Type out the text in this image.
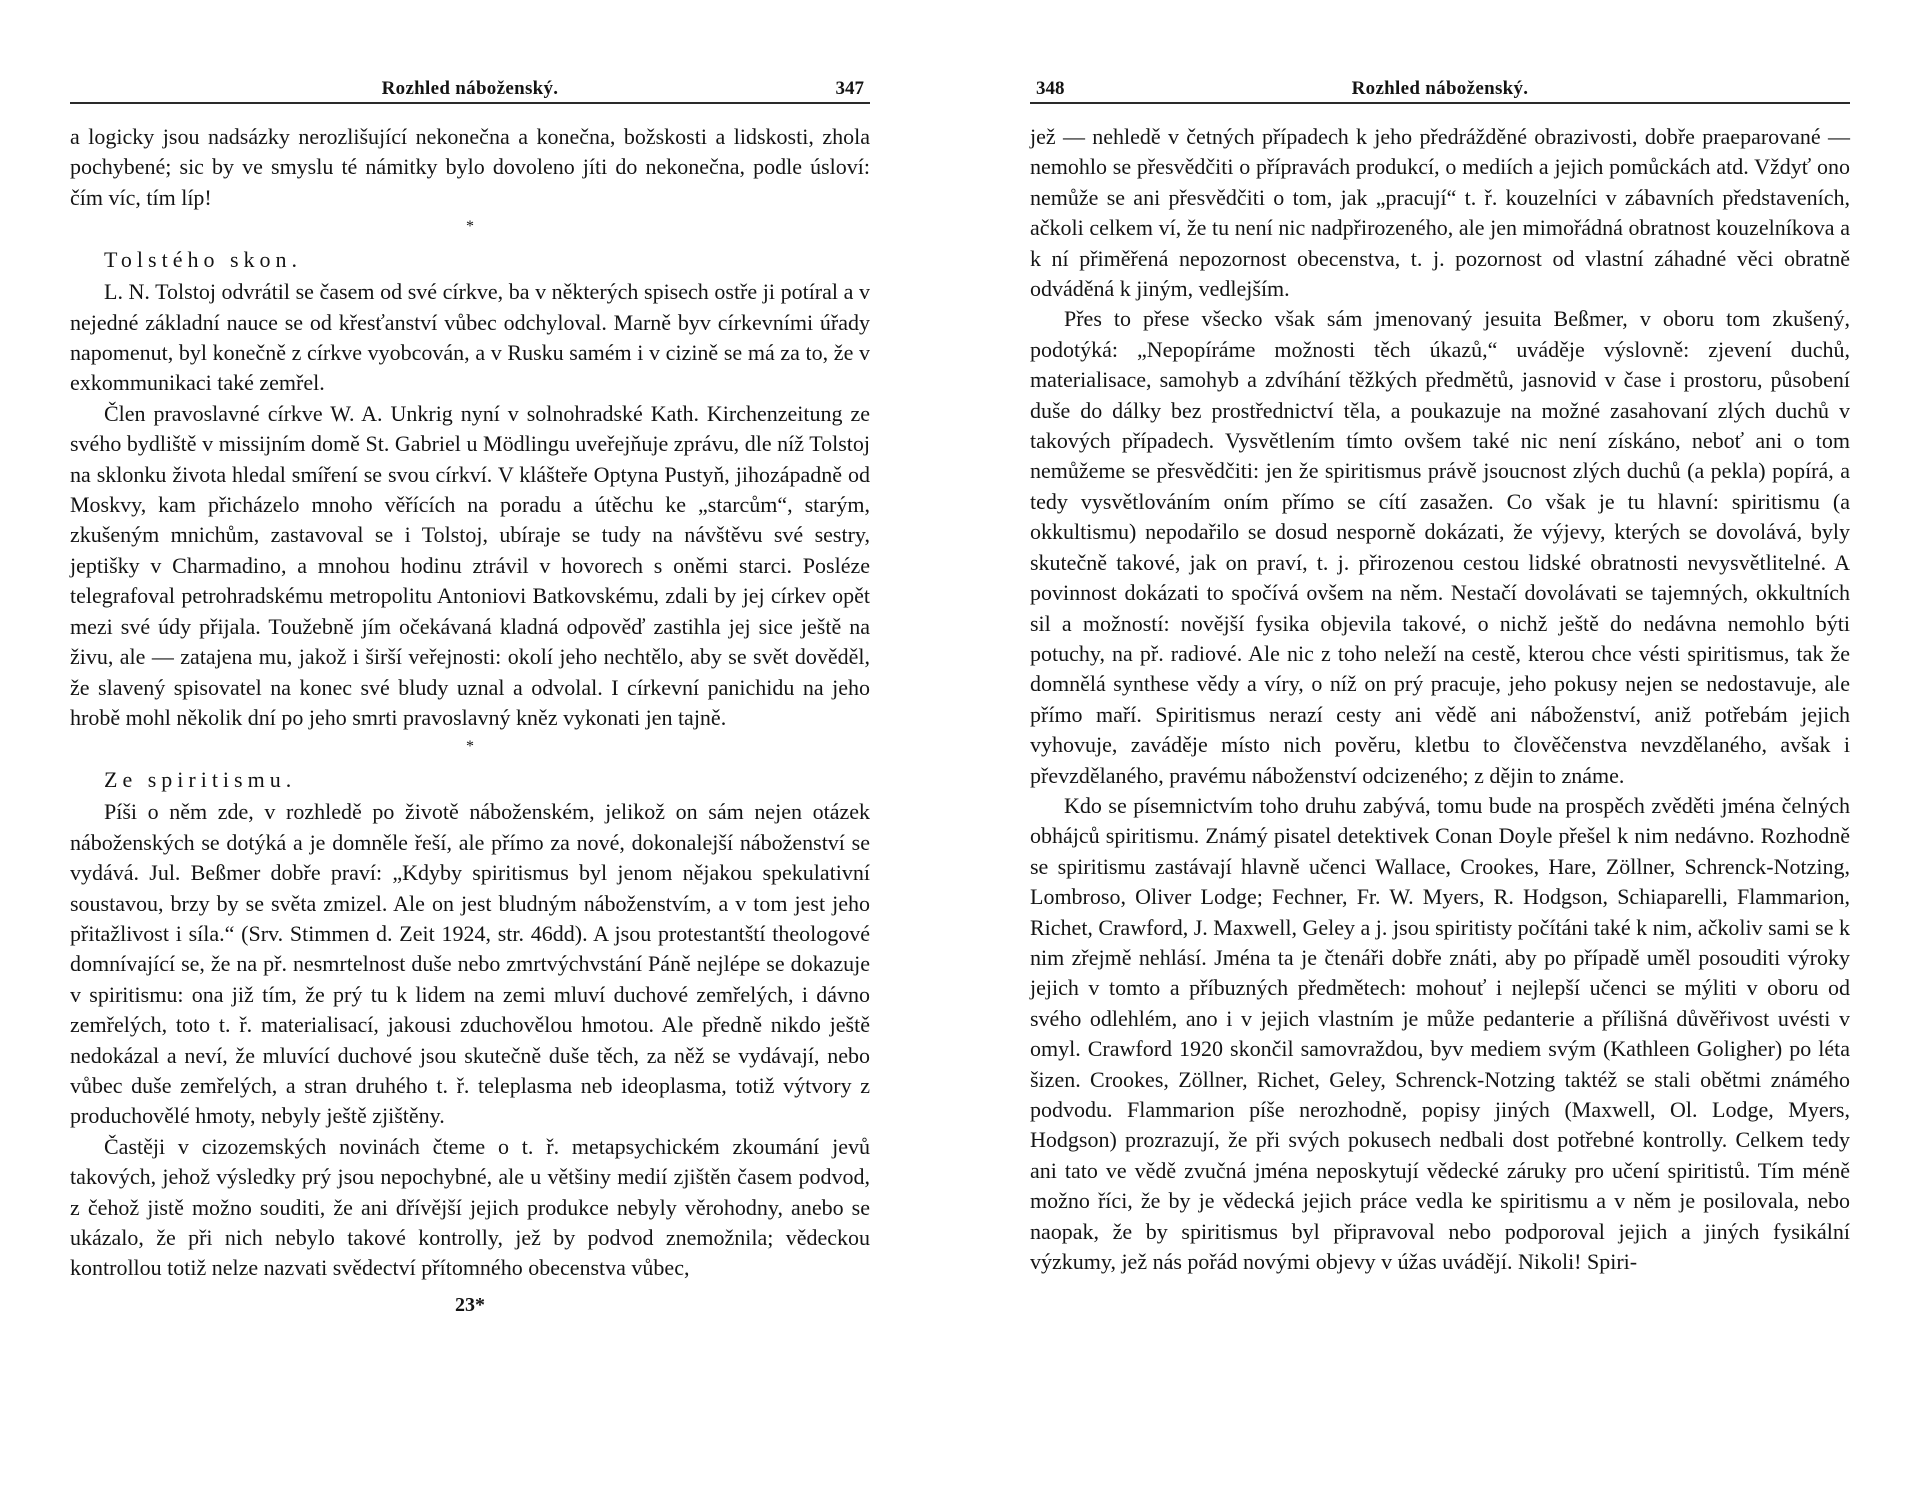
Rozhled náboženský.	347

a logicky jsou nadsázky nerozlišující nekonečna a konečna, božskosti a lidskosti, zhola pochybené; sic by ve smyslu té námitky bylo dovoleno jíti do nekonečna, podle úsloví: čím víc, tím líp!

*
Tolstého skon.

L. N. Tolstoj odvrátil se časem od své církve, ba v některých spisech ostře ji potíral a v nejedné základní nauce se od křesťanství vůbec odchyloval. Marně byv církevními úřady napomenut, byl konečně z církve vyobcován, a v Rusku samém i v cizině se má za to, že v exkommunikaci také zemřel.

Člen pravoslavné církve W. A. Unkrig nyní v solnohradské Kath. Kirchenzeitung ze svého bydliště v missijním domě St. Gabriel u Mödlingu uveřejňuje zprávu, dle níž Tolstoj na sklonku života hledal smíření se svou církví. V klášteře Optyna Pustyň, jihozápadně od Moskvy, kam přicházelo mnoho věřících na poradu a útěchu ke „starcům“, starým, zkušeným mnichům, zastavoval se i Tolstoj, ubíraje se tudy na návštěvu své sestry, jeptišky v Charmadino, a mnohou hodinu ztrávil v hovorech s oněmi starci. Posléze telegrafoval petrohradskému metropolitu Antoniovi Batkovskému, zdali by jej církev opět mezi své údy přijala. Toužebně jím očekávaná kladná odpověď zastihla jej sice ještě na živu, ale — zatajena mu, jakož i širší veřejnosti: okolí jeho nechtělo, aby se svět dověděl, že slavený spisovatel na konec své bludy uznal a odvolal. I církevní panichidu na jeho hrobě mohl několik dní po jeho smrti pravoslavný kněz vykonati jen tajně.

*
Ze spiritismu.

Píši o něm zde, v rozhledě po životě náboženském, jelikož on sám nejen otázek náboženských se dotýká a je domněle řeší, ale přímo za nové, dokonalejší náboženství se vydává. Jul. Beßmer dobře praví: „Kdyby spiritismus byl jenom nějakou spekulativní soustavou, brzy by se světa zmizel. Ale on jest bludným náboženstvím, a v tom jest jeho přitažlivost i síla.“ (Srv. Stimmen d. Zeit 1924, str. 46dd). A jsou protestantští theologové domnívající se, že na př. nesmrtelnost duše nebo zmrtvýchvstání Páně nejlépe se dokazuje v spiritismu: ona již tím, že prý tu k lidem na zemi mluví duchové zemřelých, i dávno zemřelých, toto t. ř. materialisací, jakousi zduchovělou hmotou. Ale předně nikdo ještě nedokázal a neví, že mluvící duchové jsou skutečně duše těch, za něž se vydávají, nebo vůbec duše zemřelých, a stran druhého t. ř. teleplasma neb ideoplasma, totiž výtvory z produchovělé hmoty, nebyly ještě zjištěny.

Častěji v cizozemských novinách čteme o t. ř. metapsychickém zkoumání jevů takových, jehož výsledky prý jsou nepochybné, ale u většiny medií zjištěn časem podvod, z čehož jistě možno souditi, že ani dřívější jejich produkce nebyly věrohodny, anebo se ukázalo, že při nich nebylo takové kontrolly, jež by podvod znemožnila; vědeckou kontrollou totiž nelze nazvati svědectví přítomného obecenstva vůbec,

23*
348	Rozhled náboženský.

jež — nehledě v četných případech k jeho předrážděné obrazivosti, dobře praeparované — nemohlo se přesvědčiti o přípravách produkcí, o mediích a jejich pomůckách atd. Vždyť ono nemůže se ani přesvědčiti o tom, jak „pracují“ t. ř. kouzelníci v zábavních představeních, ačkoli celkem ví, že tu není nic nadpřirozeného, ale jen mimořádná obratnost kouzelníkova a k ní přiměřená nepozornost obecenstva, t. j. pozornost od vlastní záhadné věci obratně odváděná k jiným, vedlejším.

Přes to přese všecko však sám jmenovaný jesuita Beßmer, v oboru tom zkušený, podotýká: „Nepopíráme možnosti těch úkazů,“ uváděje výslovně: zjevení duchů, materialisace, samohyb a zdvíhání těžkých předmětů, jasnovid v čase i prostoru, působení duše do dálky bez prostřednictví těla, a poukazuje na možné zasahovaní zlých duchů v takových případech. Vysvětlením tímto ovšem také nic není získáno, neboť ani o tom nemůžeme se přesvědčiti: jen že spiritismus právě jsoucnost zlých duchů (a pekla) popírá, a tedy vysvětlováním oním přímo se cítí zasažen. Co však je tu hlavní: spiritismu (a okkultismu) nepodařilo se dosud nesporně dokázati, že výjevy, kterých se dovolává, byly skutečně takové, jak on praví, t. j. přirozenou cestou lidské obratnosti nevysvětlitelné. A povinnost dokázati to spočívá ovšem na něm. Nestačí dovolávati se tajemných, okkultních sil a možností: novější fysika objevila takové, o nichž ještě do nedávna nemohlo býti potuchy, na př. radiové. Ale nic z toho neleží na cestě, kterou chce vésti spiritismus, tak že domnělá synthese vědy a víry, o níž on prý pracuje, jeho pokusy nejen se nedostavuje, ale přímo maří. Spiritismus nerazí cesty ani vědě ani náboženství, aniž potřebám jejich vyhovuje, zaváděje místo nich pověru, kletbu to člověčenstva nevzdělaného, avšak i převzdělaného, pravému náboženství odcizeného; z dějin to známe.

Kdo se písemnictvím toho druhu zabývá, tomu bude na prospěch zvěděti jména čelných obhájců spiritismu. Známý pisatel detektivek Conan Doyle přešel k nim nedávno. Rozhodně se spiritismu zastávají hlavně učenci Wallace, Crookes, Hare, Zöllner, Schrenck-Notzing, Lombroso, Oliver Lodge; Fechner, Fr. W. Myers, R. Hodgson, Schiaparelli, Flammarion, Richet, Crawford, J. Maxwell, Geley a j. jsou spiritisty počítáni také k nim, ačkoliv sami se k nim zřejmě nehlásí. Jména ta je čtenáři dobře znáti, aby po případě uměl posouditi výroky jejich v tomto a příbuzných předmětech: mohouť i nejlepší učenci se mýliti v oboru od svého odlehlém, ano i v jejich vlastním je může pedanterie a přílišná důvěřivost uvésti v omyl. Crawford 1920 skončil samovraždou, byv mediem svým (Kathleen Goligher) po léta šizen. Crookes, Zöllner, Richet, Geley, Schrenck-Notzing taktéž se stali obětmi známého podvodu. Flammarion píše nerozhodně, popisy jiných (Maxwell, Ol. Lodge, Myers, Hodgson) prozrazují, že při svých pokusech nedbali dost potřebné kontrolly. Celkem tedy ani tato ve vědě zvučná jména neposkytují vědecké záruky pro učení spiritistů. Tím méně možno říci, že by je vědecká jejich práce vedla ke spiritismu a v něm je posilovala, nebo naopak, že by spiritismus byl připravoval nebo podporoval jejich a jiných fysikální výzkumy, jež nás pořád novými objevy v úžas uvádějí. Nikoli! Spiri-
